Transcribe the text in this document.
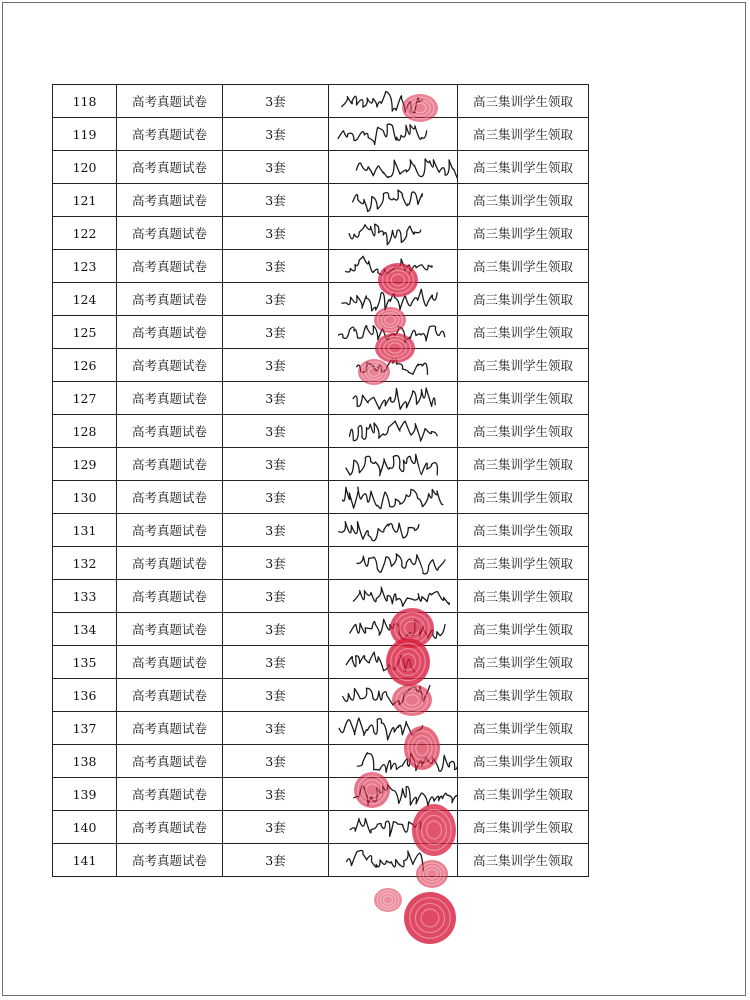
118	高考真题试卷	3套		高三集训学生领取
119	高考真题试卷	3套		高三集训学生领取
120	高考真题试卷	3套		高三集训学生领取
121	高考真题试卷	3套		高三集训学生领取
122	高考真题试卷	3套		高三集训学生领取
123	高考真题试卷	3套		高三集训学生领取
124	高考真题试卷	3套		高三集训学生领取
125	高考真题试卷	3套		高三集训学生领取
126	高考真题试卷	3套		高三集训学生领取
127	高考真题试卷	3套		高三集训学生领取
128	高考真题试卷	3套		高三集训学生领取
129	高考真题试卷	3套		高三集训学生领取
130	高考真题试卷	3套		高三集训学生领取
131	高考真题试卷	3套		高三集训学生领取
132	高考真题试卷	3套		高三集训学生领取
133	高考真题试卷	3套		高三集训学生领取
134	高考真题试卷	3套		高三集训学生领取
135	高考真题试卷	3套		高三集训学生领取
136	高考真题试卷	3套		高三集训学生领取
137	高考真题试卷	3套		高三集训学生领取
138	高考真题试卷	3套		高三集训学生领取
139	高考真题试卷	3套		高三集训学生领取
140	高考真题试卷	3套		高三集训学生领取
141	高考真题试卷	3套		高三集训学生领取
